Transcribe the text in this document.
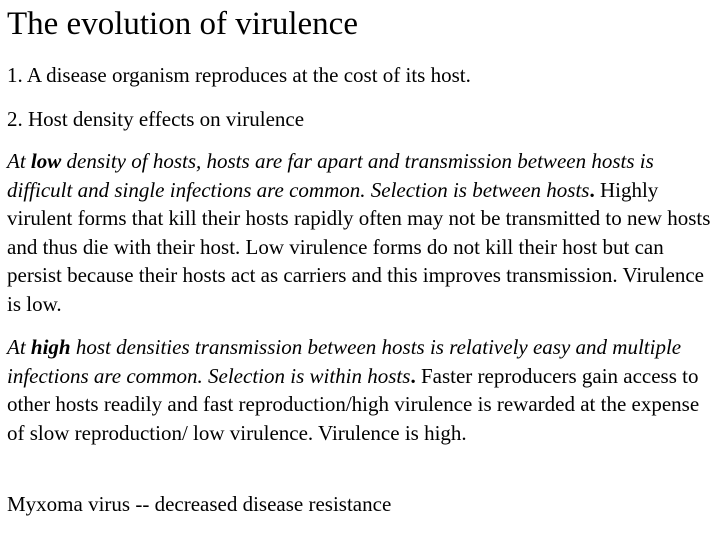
The evolution of virulence

1. A disease organism reproduces at the cost of its host.

2. Host density effects on virulence

At low density of hosts, hosts are far apart and transmission between hosts is difficult and single infections are common. Selection is between hosts. Highly virulent forms that kill their hosts rapidly often may not be transmitted to new hosts and thus die with their host. Low virulence forms do not kill their host but can persist because their hosts act as carriers and this improves transmission. Virulence is low.

At high host densities transmission between hosts is relatively easy and multiple infections are common. Selection is within hosts. Faster reproducers gain access to other hosts readily and fast reproduction/high virulence is rewarded at the expense of slow reproduction/ low virulence. Virulence is high.

Myxoma virus -- decreased disease resistance
